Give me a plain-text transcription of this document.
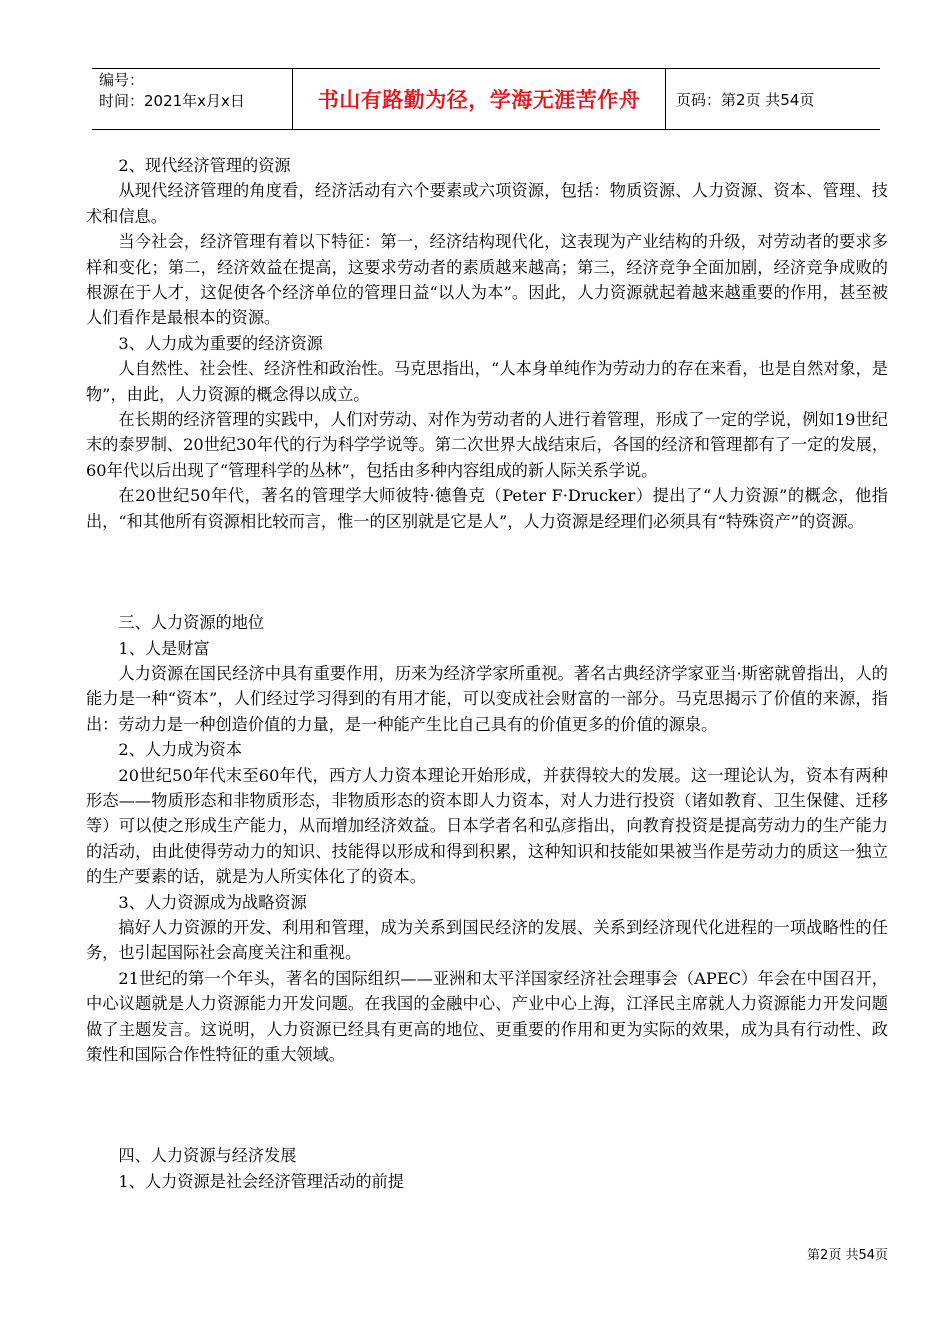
编号：
时间：2021年x月x日	书山有路勤为径，学海无涯苦作舟	页码：第2页 共54页

2、现代经济管理的资源

从现代经济管理的角度看，经济活动有六个要素或六项资源，包括：物质资源、人力资源、资本、管理、技术和信息。

当今社会，经济管理有着以下特征：第一，经济结构现代化，这表现为产业结构的升级，对劳动者的要求多样和变化；第二，经济效益在提高，这要求劳动者的素质越来越高；第三，经济竞争全面加剧，经济竞争成败的根源在于人才，这促使各个经济单位的管理日益“以人为本”。因此，人力资源就起着越来越重要的作用，甚至被人们看作是最根本的资源。

3、人力成为重要的经济资源

人自然性、社会性、经济性和政治性。马克思指出，“人本身单纯作为劳动力的存在来看，也是自然对象，是物”，由此，人力资源的概念得以成立。

在长期的经济管理的实践中，人们对劳动、对作为劳动者的人进行着管理，形成了一定的学说，例如19世纪末的泰罗制、20世纪30年代的行为科学学说等。第二次世界大战结束后，各国的经济和管理都有了一定的发展，60年代以后出现了“管理科学的丛林”，包括由多种内容组成的新人际关系学说。

在20世纪50年代，著名的管理学大师彼特·德鲁克（Peter F·Drucker）提出了“人力资源”的概念，他指出，“和其他所有资源相比较而言，惟一的区别就是它是人”，人力资源是经理们必须具有“特殊资产”的资源。

三、人力资源的地位

1、人是财富

人力资源在国民经济中具有重要作用，历来为经济学家所重视。著名古典经济学家亚当·斯密就曾指出，人的能力是一种“资本”，人们经过学习得到的有用才能，可以变成社会财富的一部分。马克思揭示了价值的来源，指出：劳动力是一种创造价值的力量，是一种能产生比自己具有的价值更多的价值的源泉。

2、人力成为资本

20世纪50年代末至60年代，西方人力资本理论开始形成，并获得较大的发展。这一理论认为，资本有两种形态——物质形态和非物质形态，非物质形态的资本即人力资本，对人力进行投资（诸如教育、卫生保健、迁移等）可以使之形成生产能力，从而增加经济效益。日本学者名和弘彦指出，向教育投资是提高劳动力的生产能力的活动，由此使得劳动力的知识、技能得以形成和得到积累，这种知识和技能如果被当作是劳动力的质这一独立的生产要素的话，就是为人所实体化了的资本。

3、人力资源成为战略资源

搞好人力资源的开发、利用和管理，成为关系到国民经济的发展、关系到经济现代化进程的一项战略性的任务，也引起国际社会高度关注和重视。

21世纪的第一个年头，著名的国际组织——亚洲和太平洋国家经济社会理事会（APEC）年会在中国召开，中心议题就是人力资源能力开发问题。在我国的金融中心、产业中心上海，江泽民主席就人力资源能力开发问题做了主题发言。这说明，人力资源已经具有更高的地位、更重要的作用和更为实际的效果，成为具有行动性、政策性和国际合作性特征的重大领域。

四、人力资源与经济发展

1、人力资源是社会经济管理活动的前提

第2页 共54页
